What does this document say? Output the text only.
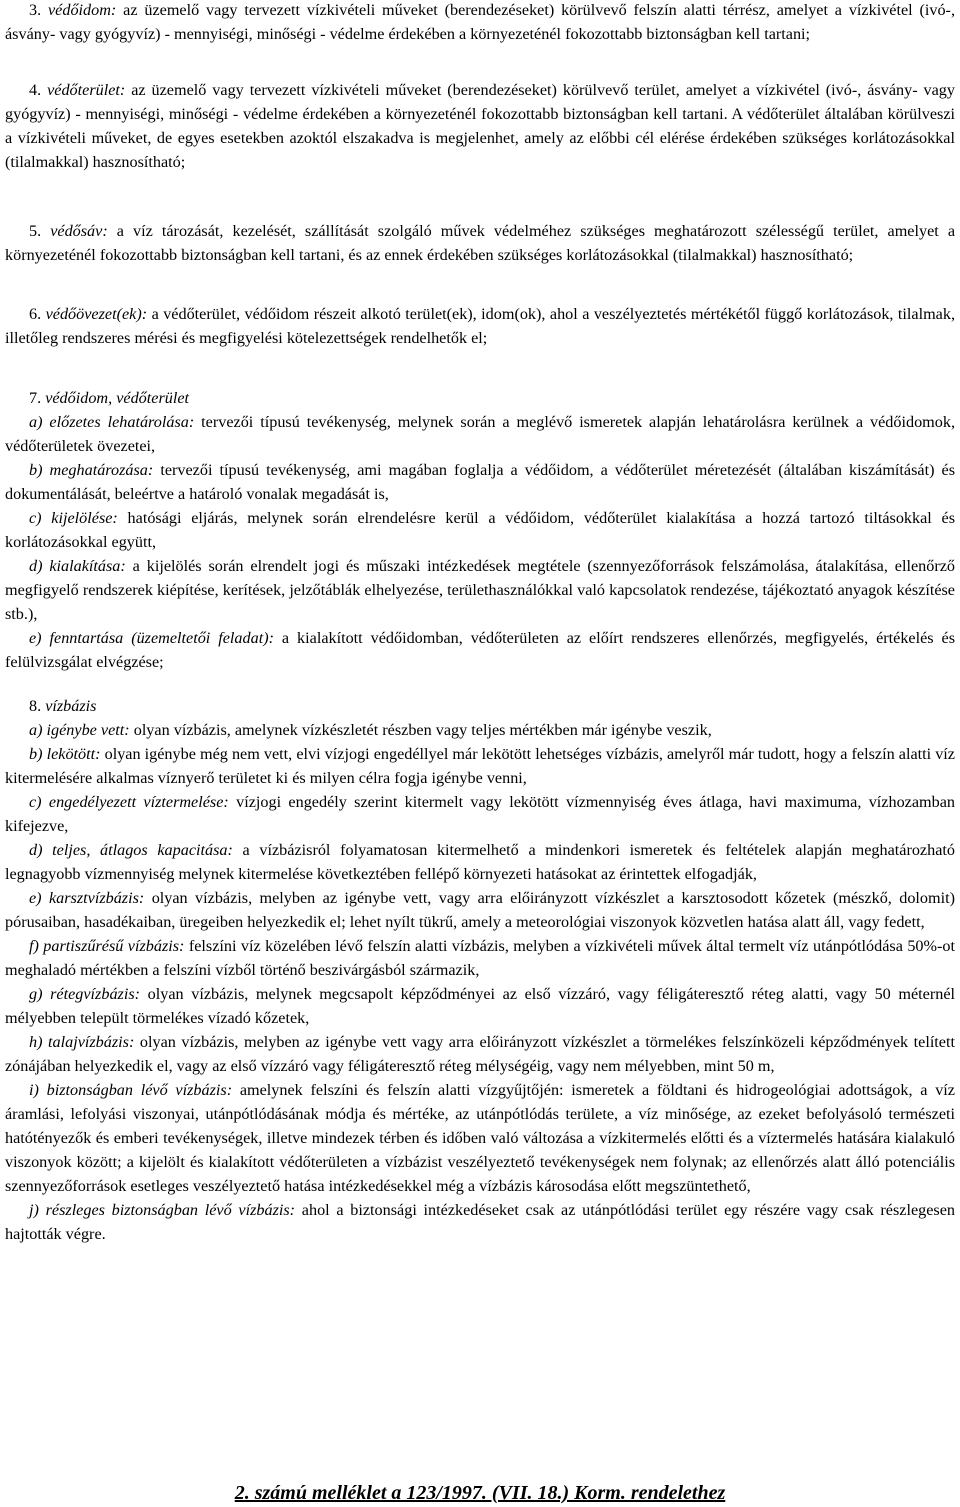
3. védőidom: az üzemelő vagy tervezett vízkivételi műveket (berendezéseket) körülvevő felszín alatti térrész, amelyet a vízkivétel (ivó-, ásvány- vagy gyógyvíz) - mennyiségi, minőségi - védelme érdekében a környezeténél fokozottabb biztonságban kell tartani;

4. védőterület: az üzemelő vagy tervezett vízkivételi műveket (berendezéseket) körülvevő terület, amelyet a vízkivétel (ivó-, ásvány- vagy gyógyvíz) - mennyiségi, minőségi - védelme érdekében a környezeténél fokozottabb biztonságban kell tartani. A védőterület általában körülveszi a vízkivételi műveket, de egyes esetekben azoktól elszakadva is megjelenhet, amely az előbbi cél elérése érdekében szükséges korlátozásokkal (tilalmakkal) hasznosítható;

5. védősáv: a víz tározását, kezelését, szállítását szolgáló művek védelméhez szükséges meghatározott szélességű terület, amelyet a környezeténél fokozottabb biztonságban kell tartani, és az ennek érdekében szükséges korlátozásokkal (tilalmakkal) hasznosítható;

6. védőövezet(ek): a védőterület, védőidom részeit alkotó terület(ek), idom(ok), ahol a veszélyeztetés mértékétől függő korlátozások, tilalmak, illetőleg rendszeres mérési és megfigyelési kötelezettségek rendelhetők el;

7. védőidom, védőterület

a) előzetes lehatárolása: tervezői típusú tevékenység, melynek során a meglévő ismeretek alapján lehatárolásra kerülnek a védőidomok, védőterületek övezetei,

b) meghatározása: tervezői típusú tevékenység, ami magában foglalja a védőidom, a védőterület méretezését (általában kiszámítását) és dokumentálását, beleértve a határoló vonalak megadását is,

c) kijelölése: hatósági eljárás, melynek során elrendelésre kerül a védőidom, védőterület kialakítása a hozzá tartozó tiltásokkal és korlátozásokkal együtt,

d) kialakítása: a kijelölés során elrendelt jogi és műszaki intézkedések megtétele (szennyezőforrások felszámolása, átalakítása, ellenőrző megfigyelő rendszerek kiépítése, kerítések, jelzőtáblák elhelyezése, területhasználókkal való kapcsolatok rendezése, tájékoztató anyagok készítése stb.),

e) fenntartása (üzemeltetői feladat): a kialakított védőidomban, védőterületen az előírt rendszeres ellenőrzés, megfigyelés, értékelés és felülvizsgálat elvégzése;

8. vízbázis

a) igénybe vett: olyan vízbázis, amelynek vízkészletét részben vagy teljes mértékben már igénybe veszik,

b) lekötött: olyan igénybe még nem vett, elvi vízjogi engedéllyel már lekötött lehetséges vízbázis, amelyről már tudott, hogy a felszín alatti víz kitermelésére alkalmas víznyerő területet ki és milyen célra fogja igénybe venni,

c) engedélyezett víztermelése: vízjogi engedély szerint kitermelt vagy lekötött vízmennyiség éves átlaga, havi maximuma, vízhozamban kifejezve,

d) teljes, átlagos kapacitása: a vízbázisról folyamatosan kitermelhető a mindenkori ismeretek és feltételek alapján meghatározható legnagyobb vízmennyiség melynek kitermelése következtében fellépő környezeti hatásokat az érintettek elfogadják,

e) karsztvízbázis: olyan vízbázis, melyben az igénybe vett, vagy arra előirányzott vízkészlet a karsztosodott kőzetek (mészkő, dolomit) pórusaiban, hasadékaiban, üregeiben helyezkedik el; lehet nyílt tükrű, amely a meteorológiai viszonyok közvetlen hatása alatt áll, vagy fedett,

f) partiszűrésű vízbázis: felszíni víz közelében lévő felszín alatti vízbázis, melyben a vízkivételi művek által termelt víz utánpótlódása 50%-ot meghaladó mértékben a felszíni vízből történő beszivárgásból származik,

g) rétegvízbázis: olyan vízbázis, melynek megcsapolt képződményei az első vízzáró, vagy féligáteresztő réteg alatti, vagy 50 méternél mélyebben települt törmelékes vízadó kőzetek,

h) talajvízbázis: olyan vízbázis, melyben az igénybe vett vagy arra előirányzott vízkészlet a törmelékes felszínközeli képződmények telített zónájában helyezkedik el, vagy az első vízzáró vagy féligáteresztő réteg mélységéig, vagy nem mélyebben, mint 50 m,

i) biztonságban lévő vízbázis: amelynek felszíni és felszín alatti vízgyűjtőjén: ismeretek a földtani és hidrogeológiai adottságok, a víz áramlási, lefolyási viszonyai, utánpótlódásának módja és mértéke, az utánpótlódás területe, a víz minősége, az ezeket befolyásoló természeti hatótényezők és emberi tevékenységek, illetve mindezek térben és időben való változása a vízkitermelés előtti és a víztermelés hatására kialakuló viszonyok között; a kijelölt és kialakított védőterületen a vízbázist veszélyeztető tevékenységek nem folynak; az ellenőrzés alatt álló potenciális szennyezőforrások esetleges veszélyeztető hatása intézkedésekkel még a vízbázis károsodása előtt megszüntethető,

j) részleges biztonságban lévő vízbázis: ahol a biztonsági intézkedéseket csak az utánpótlódási terület egy részére vagy csak részlegesen hajtották végre.

2. számú melléklet a 123/1997. (VII. 18.) Korm. rendelethez
